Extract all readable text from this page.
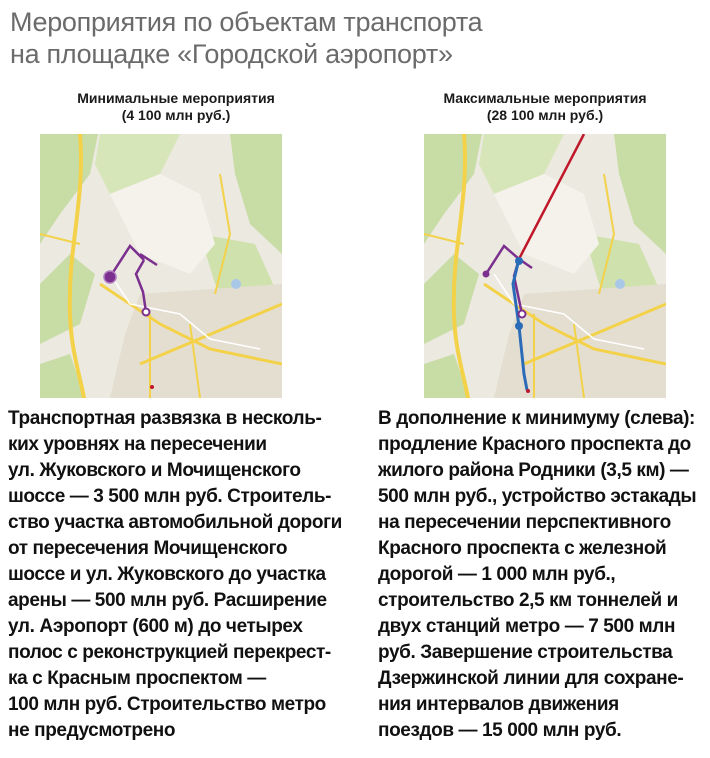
Мероприятия по объектам транспорта
на площадке «Городской аэропорт»
Минимальные мероприятия
(4 100 млн руб.)
Максимальные мероприятия
(28 100 млн руб.)
Транспортная развязка в несколь-
ких уровнях на пересечении
ул. Жуковского и Мочищенского
шоссе — 3 500 млн руб. Строитель-
ство участка автомобильной дороги
от пересечения Мочищенского
шоссе и ул. Жуковского до участка
арены — 500 млн руб. Расширение
ул. Аэропорт (600 м) до четырех
полос с реконструкцией перекрест-
ка с Красным проспектом —
100 млн руб. Строительство метро
не предусмотрено
В дополнение к минимуму (слева):
продление Красного проспекта до
жилого района Родники (3,5 км) —
500 млн руб., устройство эстакады
на пересечении перспективного
Красного проспекта с железной
дорогой — 1 000 млн руб.,
строительство 2,5 км тоннелей и
двух станций метро — 7 500 млн
руб. Завершение строительства
Дзержинской линии для сохране-
ния интервалов движения
поездов — 15 000 млн руб.
